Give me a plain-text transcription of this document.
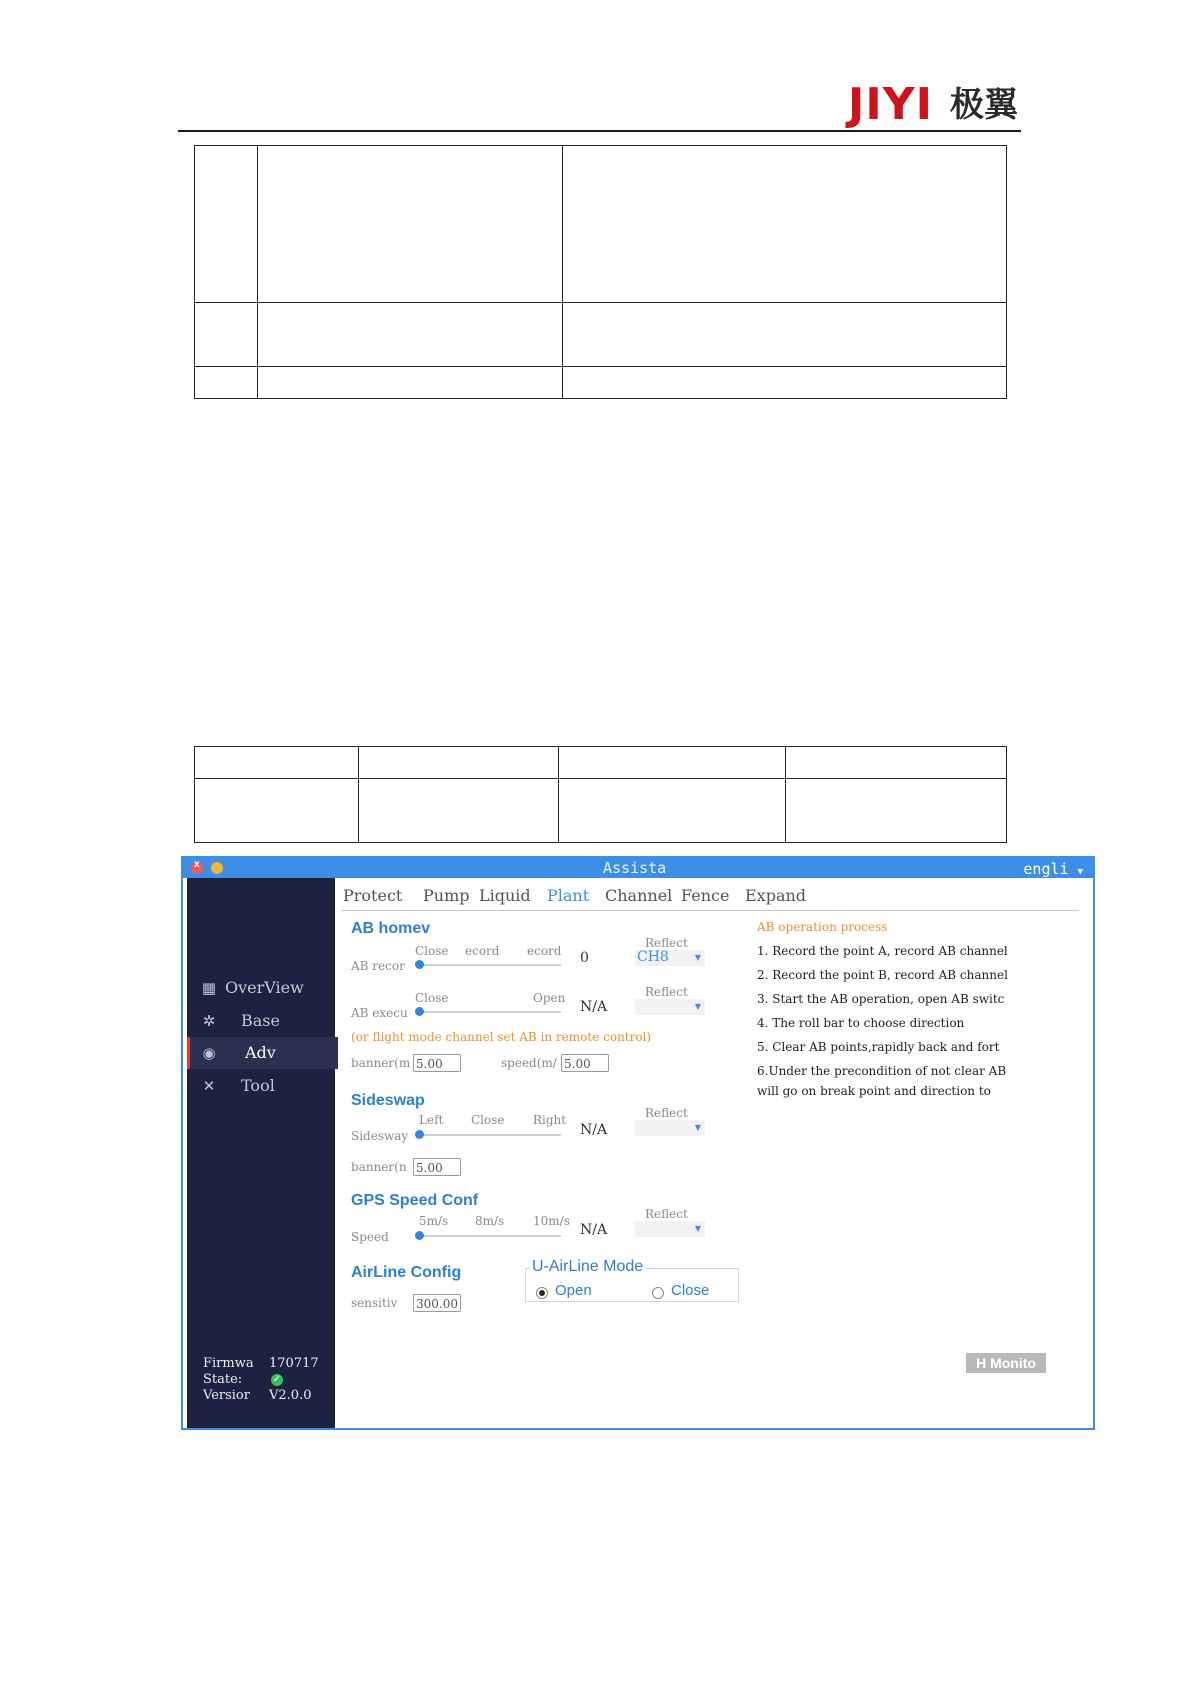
JIYI 极翼

x
Assista	engli ▼
▦ OverView
✲ Base
◉ Adv
✕ Tool
Firmwa 170717
State:	✓
Versior V2.0.0
Protect Pump Liquid Plant Channel Fence Expand
AB homev
Close ecord ecord
AB recor	0
Reflect
CH8	▼
Close	Open
AB execu	N/A
Reflect
▼
(or flight mode channel set AB in remote control)
banner(m 5.00	speed(m/ 5.00
Sideswap
Left Close Right
Sidesway	N/A
Reflect
▼
banner(n 5.00
GPS Speed Conf
5m/s 8m/s 10m/s
Speed	N/A
Reflect
▼
AirLine Config
sensitiv 300.00
U-AirLine Mode
Open	Close
AB operation process
1. Record the point A, record AB channel
2. Record the point B, record AB channel
3. Start the AB operation, open AB switc
4. The roll bar to choose direction
5. Clear AB points,rapidly back and fort
6.Under the precondition of not clear AB
will go on break point and direction to
H Monito
